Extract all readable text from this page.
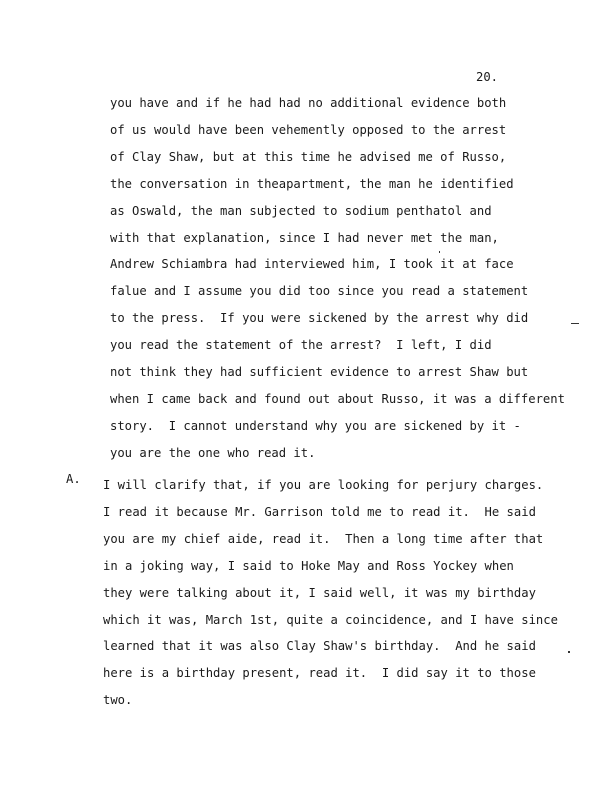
20.
you have and if he had had no additional evidence both
of us would have been vehemently opposed to the arrest
of Clay Shaw, but at this time he advised me of Russo,
the conversation in theapartment, the man he identified
as Oswald, the man subjected to sodium penthatol and
with that explanation, since I had never met the man,
Andrew Schiambra had interviewed him, I took it at face
falue and I assume you did too since you read a statement
to the press.  If you were sickened by the arrest why did
you read the statement of the arrest?  I left, I did
not think they had sufficient evidence to arrest Shaw but
when I came back and found out about Russo, it was a different
story.  I cannot understand why you are sickened by it -
you are the one who read it.
A. I will clarify that, if you are looking for perjury charges.
I read it because Mr. Garrison told me to read it.  He said
you are my chief aide, read it.  Then a long time after that
in a joking way, I said to Hoke May and Ross Yockey when
they were talking about it, I said well, it was my birthday
which it was, March 1st, quite a coincidence, and I have since
learned that it was also Clay Shaw's birthday.  And he said
here is a birthday present, read it.  I did say it to those
two.
